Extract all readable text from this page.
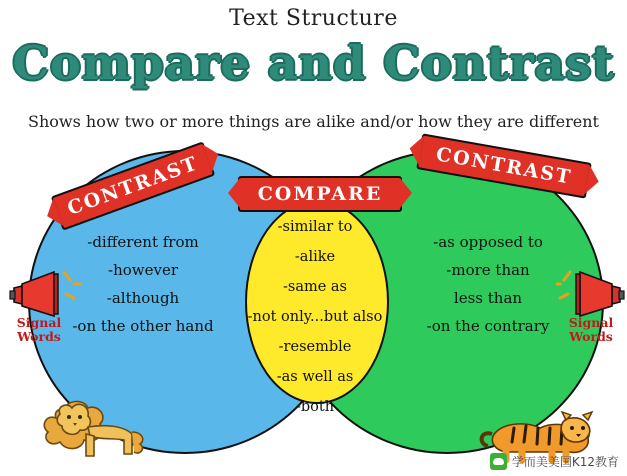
Text Structure
Compare and Contrast
Shows how two or more things are alike and/or how they are different
CONTRAST	COMPARE
CONTRAST
-different from
-however
-although
-on the other hand
-similar to
-alike
-same as
-not only...but also
-resemble
-as well as
-both
-as opposed to
-more than
less than
-on the contrary
Signal
Words
Signal
Words
学而美美国K12教育
